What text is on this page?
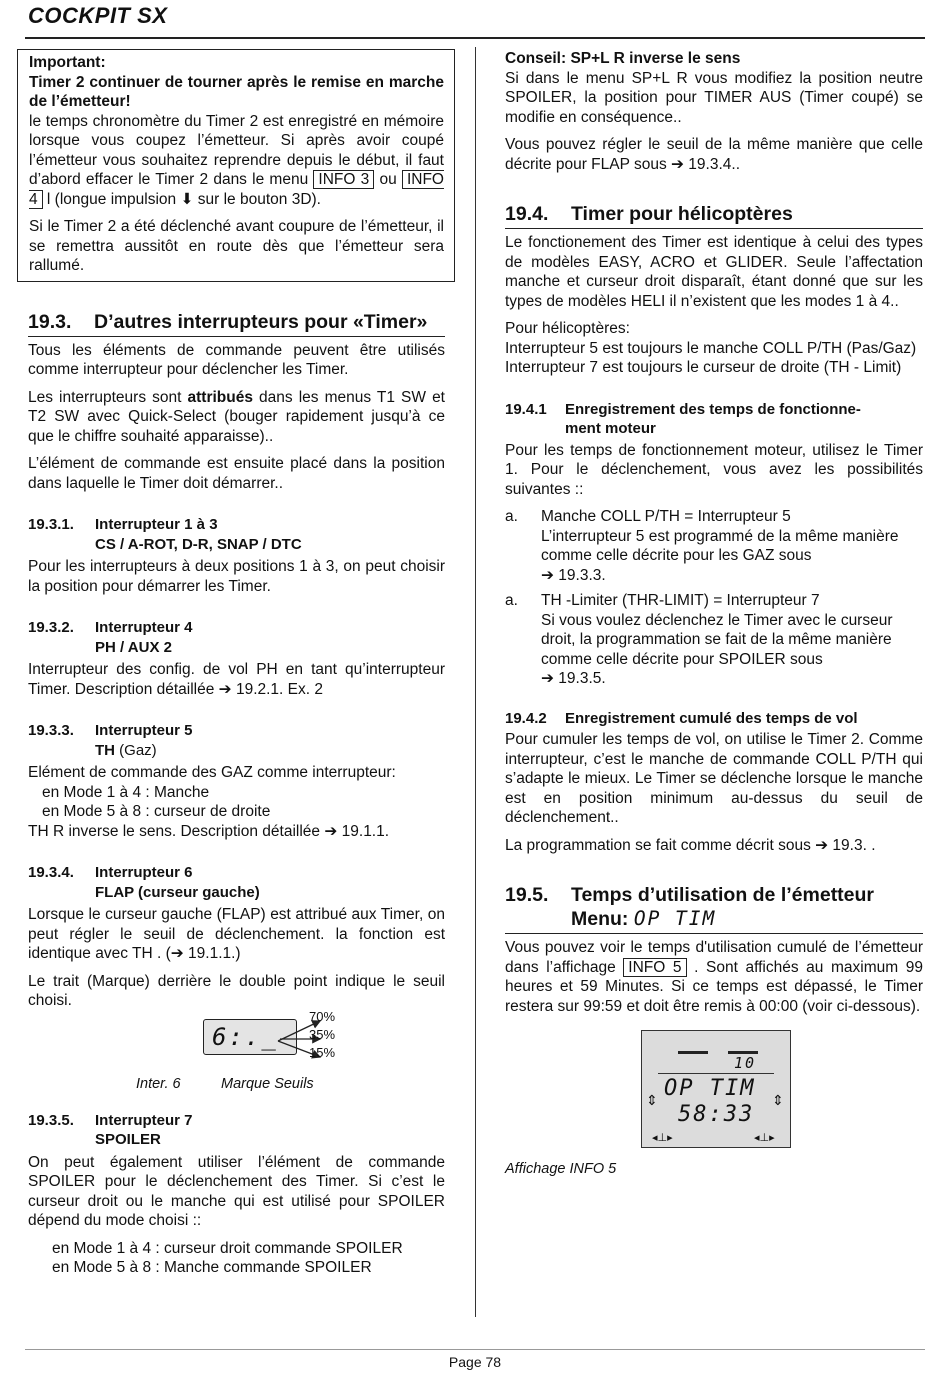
COCKPIT SX
Important:

Timer 2 continuer de tourner après le remise en marche de l’émetteur!

le temps chronomètre du Timer 2 est enregistré en mémoire lorsque vous coupez l’émetteur. Si après avoir coupé l’émetteur vous souhaitez reprendre depuis le début, il faut d’abord effacer le Timer 2 dans le menu INFO 3 ou INFO 4 l (longue impulsion ⬇ sur le bouton 3D).

Si le Timer 2 a été déclenché avant coupure de l’émetteur, il se remettra aussitôt en route dès que l’émetteur sera rallumé.

19.3. D’autres interrupteurs pour «Timer»

Tous les éléments de commande peuvent être utilisés comme interrupteur pour déclencher les Timer.

Les interrupteurs sont attribués dans les menus T1 SW et T2 SW avec Quick-Select (bouger rapidement jusqu’à ce que le chiffre souhaité apparaisse)..

L’élément de commande est ensuite placé dans la position dans laquelle le Timer doit démarrer..

19.3.1. Interrupteur 1 à 3
CS / A-ROT, D-R, SNAP / DTC

Pour les interrupteurs à deux positions 1 à 3, on peut choisir la position pour démarrer les Timer.

19.3.2. Interrupteur 4
PH / AUX 2

Interrupteur des config. de vol PH en tant qu’interrupteur Timer. Description détaillée ➔ 19.2.1. Ex. 2

19.3.3. Interrupteur 5
TH (Gaz)
Elément de commande des GAZ comme interrupteur:
en Mode 1 à 4 : Manche
en Mode 5 à 8 : curseur de droite
TH R inverse le sens. Description détaillée ➔ 19.1.1.
19.3.4. Interrupteur 6
FLAP (curseur gauche)

Lorsque le curseur gauche (FLAP) est attribué aux Timer, on peut régler le seuil de déclenchement. la fonction est identique avec TH . (➔ 19.1.1.)

Le trait (Marque) derrière le double point indique le seuil choisi.

6:._
70%
35%
15%
Inter. 6	Marque Seuils
19.3.5. Interrupteur 7
SPOILER

On peut également utiliser l’élément de commande SPOILER pour le déclenchement des Timer. Si c’est le curseur droit ou le manche qui est utilisé pour SPOILER dépend du mode choisi ::

en Mode 1 à 4 : curseur droit commande SPOILER
en Mode 5 à 8 : Manche commande SPOILER
Conseil: SP+L R inverse le sens

Si dans le menu SP+L R vous modifiez la position neutre SPOILER, la position pour TIMER AUS (Timer coupé) se modifie en conséquence..

Vous pouvez régler le seuil de la même manière que celle décrite pour FLAP sous ➔ 19.3.4..

19.4. Timer pour hélicoptères

Le fonctionement des Timer est identique à celui des types de modèles EASY, ACRO et GLIDER. Seule l’affectation manche et curseur droit disparaît, étant donné que sur les types de modèles HELI il n’existent que les modes 1 à 4..

Pour hélicoptères:
Interrupteur 5 est toujours le manche COLL P/TH (Pas/Gaz)
Interrupteur 7 est toujours le curseur de droite (TH - Limit)
19.4.1 Enregistrement des temps de fonctionne-
ment moteur

Pour les temps de fonctionnement moteur, utilisez le Timer 1. Pour le déclenchement, vous avez les possibilités suivantes ::

a.	Manche COLL P/TH = Interrupteur 5
L’interrupteur 5 est programmé de la même manière comme celle décrite pour les GAZ sous
➔ 19.3.3.
a.	TH -Limiter (THR-LIMIT) = Interrupteur 7
Si vous voulez déclenchez le Timer avec le curseur droit, la programmation se fait de la même manière comme celle décrite pour SPOILER sous
➔ 19.3.5.
19.4.2 Enregistrement cumulé des temps de vol

Pour cumuler les temps de vol, on utilise le Timer 2. Comme interrupteur, c’est le manche de commande COLL P/TH qui s’adapte le mieux. Le Timer se déclenche lorsque le manche est en position minimum au-dessus du seuil de déclenchement..

La programmation se fait comme décrit sous ➔ 19.3. .

19.5. Temps d’utilisation de l’émetteur
Menu: OP TIM

Vous pouvez voir le temps d'utilisation cumulé de l’émetteur dans l’affichage INFO 5 . Sont affichés au maximum 99 heures et 59 Minutes. Si ce temps est dépassé, le Timer restera sur 99:59 et doit être remis à 00:00 (voir ci-dessous).

10
OP TIM
58:33
⇕	⇕
◂⊥▸	◂⊥▸
Affichage INFO 5
Page 78
